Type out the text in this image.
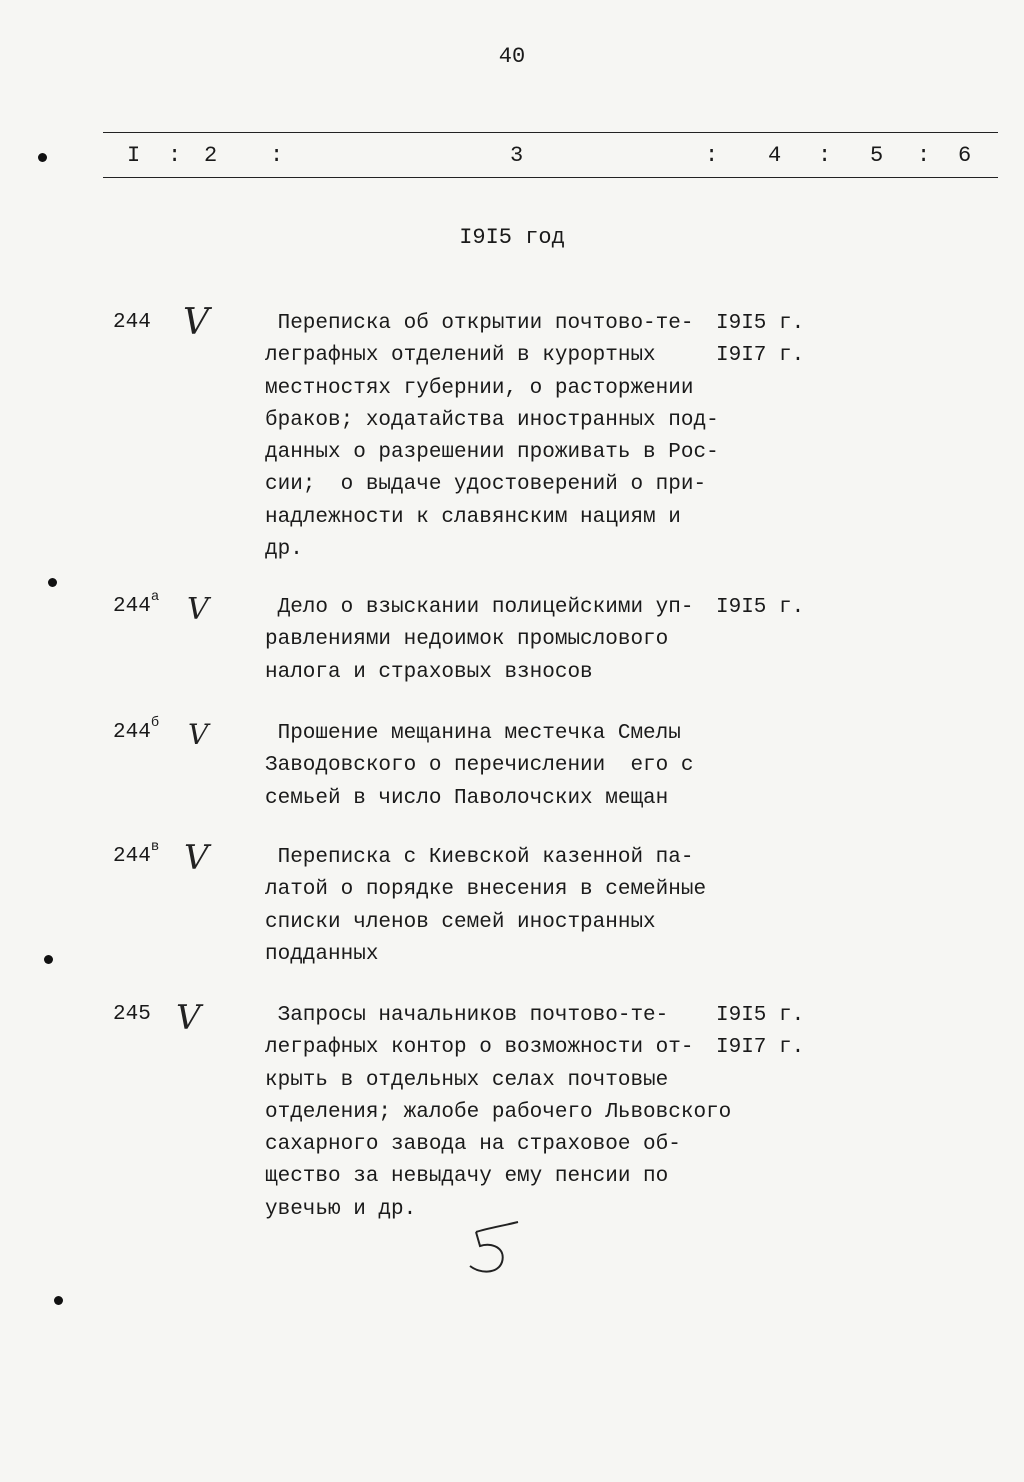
40
I : 2 :	3	: 4 : 5 : 6
I9I5 год
244 V	Переписка об открытии почтово-те-
леграфных отделений в курортных
местностях губернии, о расторжении
браков; ходатайства иностранных под-
данных о разрешении проживать в Рос-
сии;  о выдаче удостоверений о при-
надлежности к славянским нациям и
др.
I9I5 г.
I9I7 г.
$244^а$ V	Дело о взыскании полицейскими уп-
равлениями недоимок промыслового
налога и страховых взносов
I9I5 г.
$244^б$ V	Прошение мещанина местечка Смелы
Заводовского о перечислении  его с
семьей в число Паволочских мещан
$244^в$ V	Переписка с Киевской казенной па-
латой о порядке внесения в семейные
списки членов семей иностранных
подданных
245 V	Запросы начальников почтово-те-
леграфных контор о возможности от-
крыть в отдельных селах почтовые
отделения; жалобе рабочего Львовского
сахарного завода на страховое об-
щество за невыдачу ему пенсии по
увечью и др.
I9I5 г.
I9I7 г.
